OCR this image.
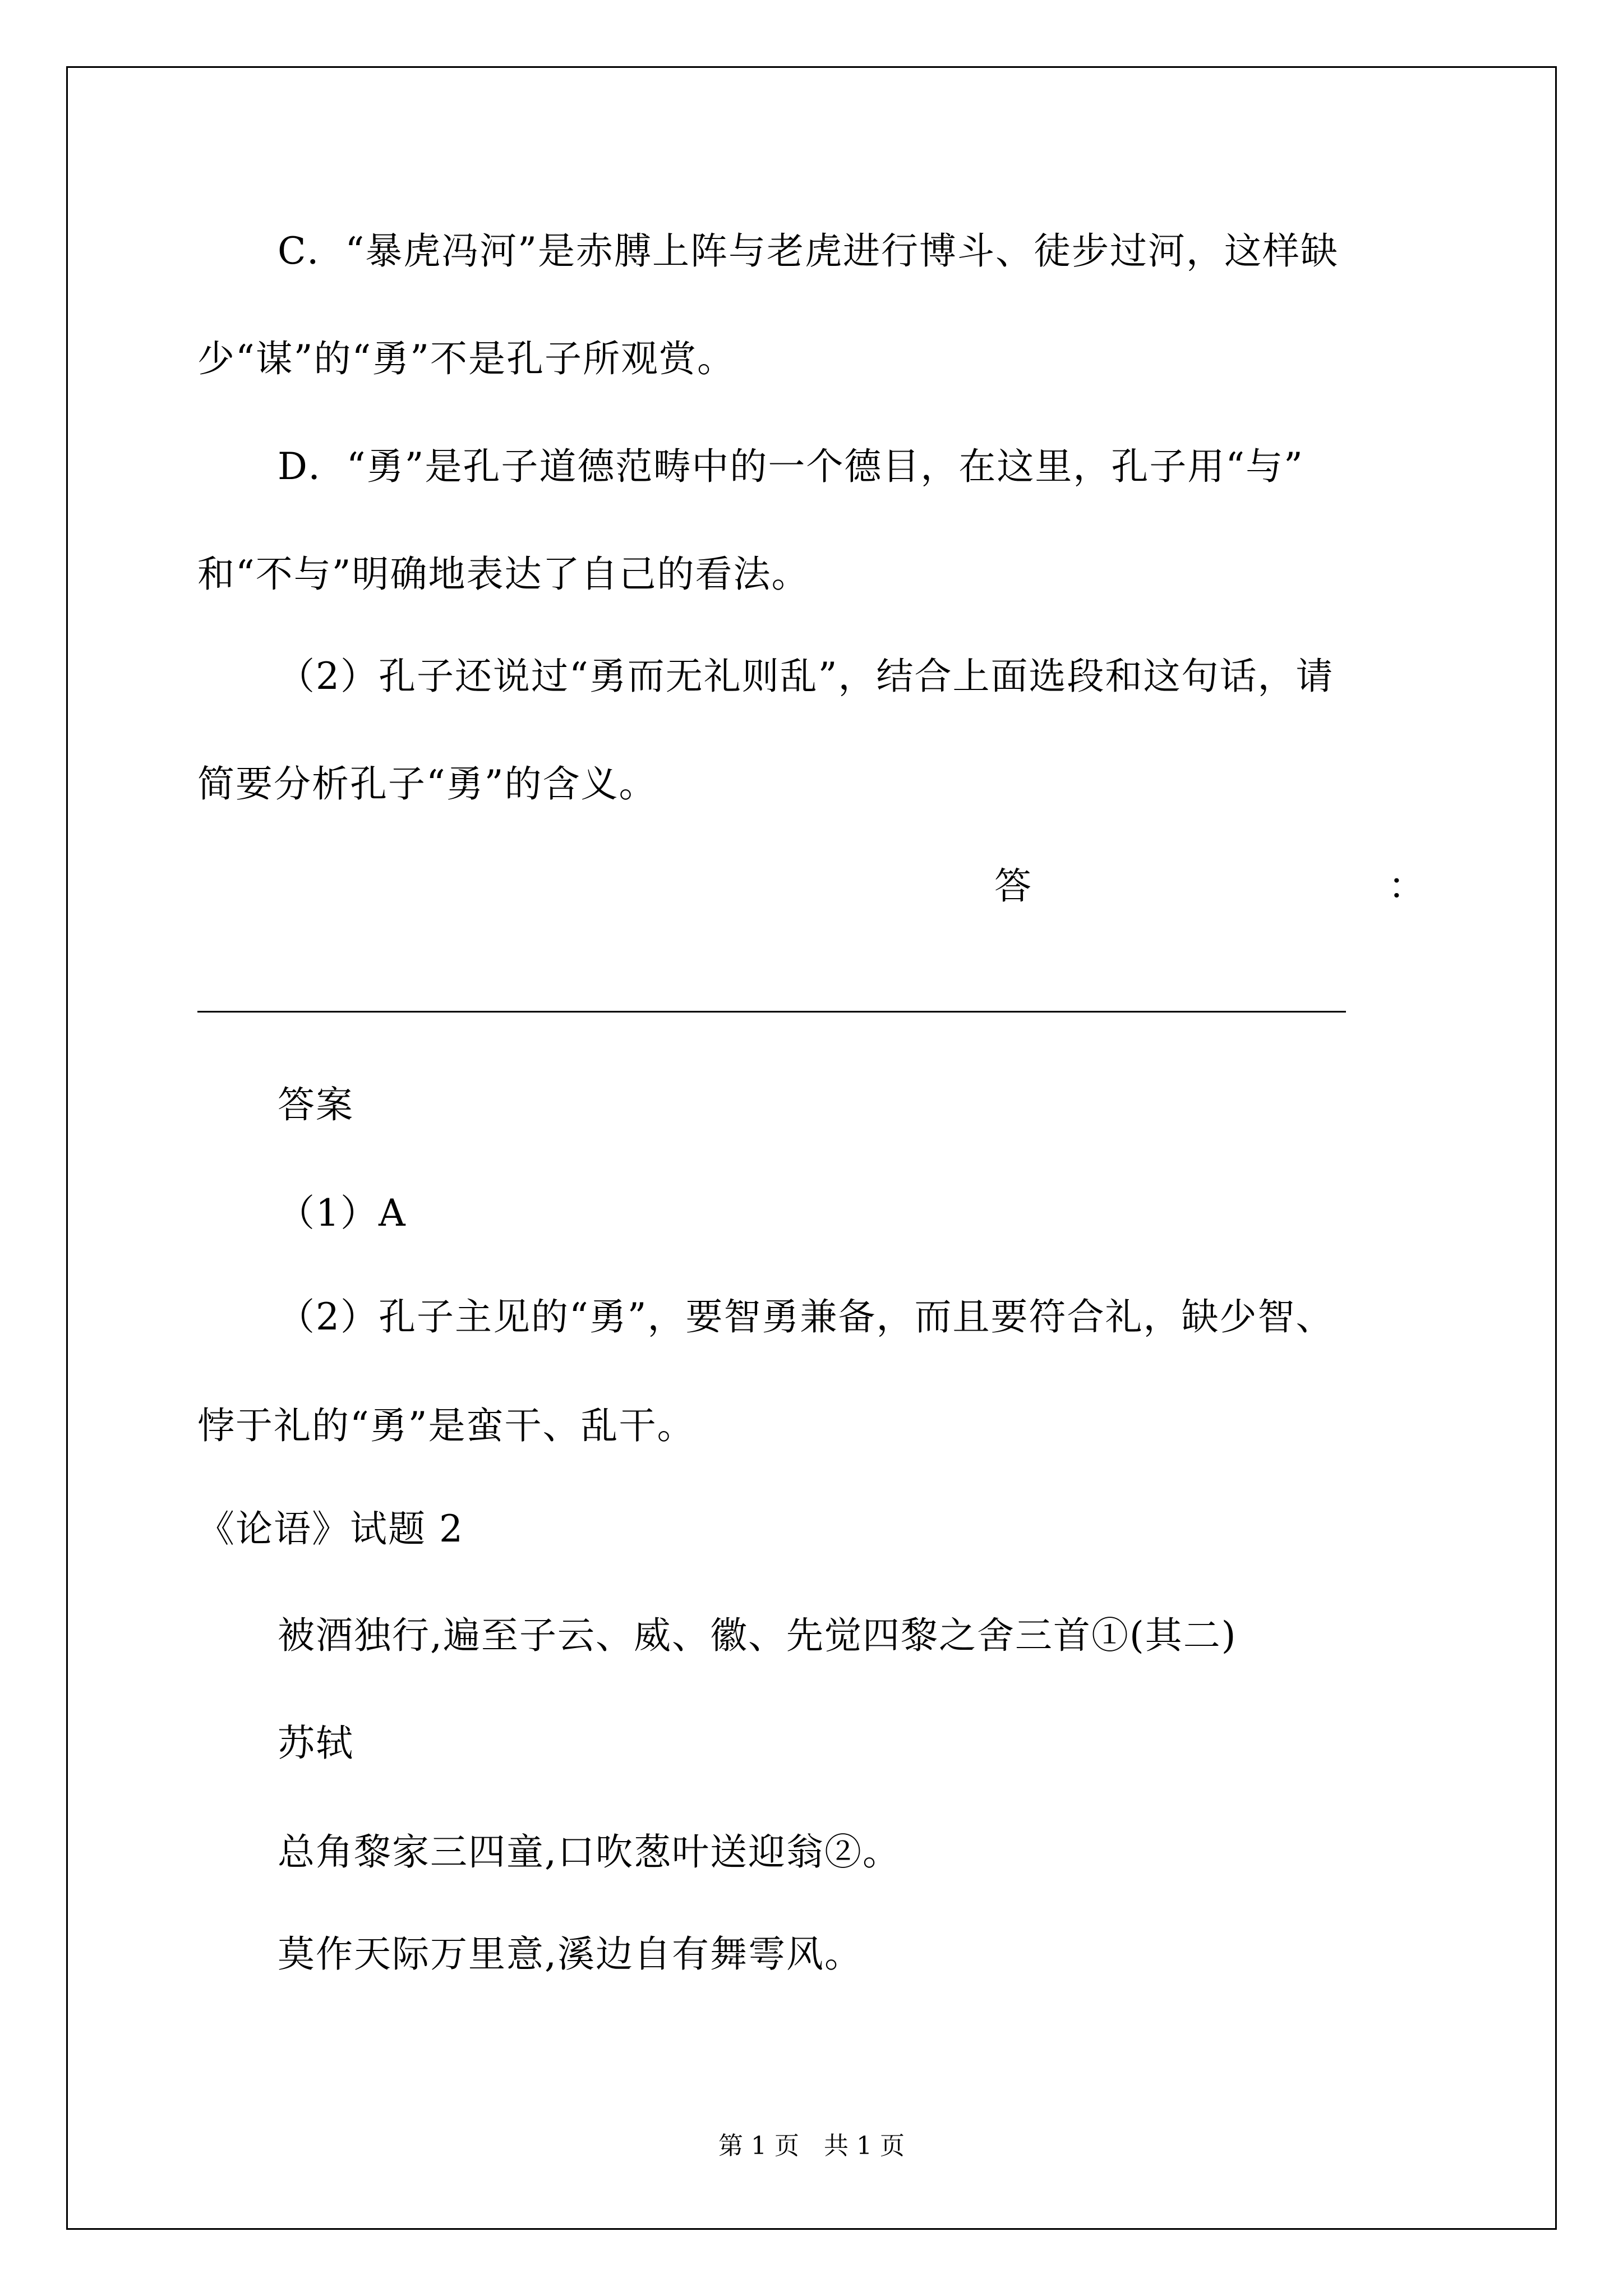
C．“暴虎冯河”是赤膊上阵与老虎进行博斗、徒步过河，这样缺
少“谋”的“勇”不是孔子所观赏。
D．“勇”是孔子道德范畴中的一个德目，在这里，孔子用“与”
和“不与”明确地表达了自己的看法。
（2）孔子还说过“勇而无礼则乱”，结合上面选段和这句话，请
简要分析孔子“勇”的含义。
答	：
答案
（1）A
（2）孔子主见的“勇”，要智勇兼备，而且要符合礼，缺少智、
悖于礼的“勇”是蛮干、乱干。
《论语》试题 2
被酒独行,遍至子云、威、徽、先觉四黎之舍三首①(其二)
苏轼
总角黎家三四童,口吹葱叶送迎翁②。
莫作天际万里意,溪边自有舞雩风。
第 1 页　共 1 页
